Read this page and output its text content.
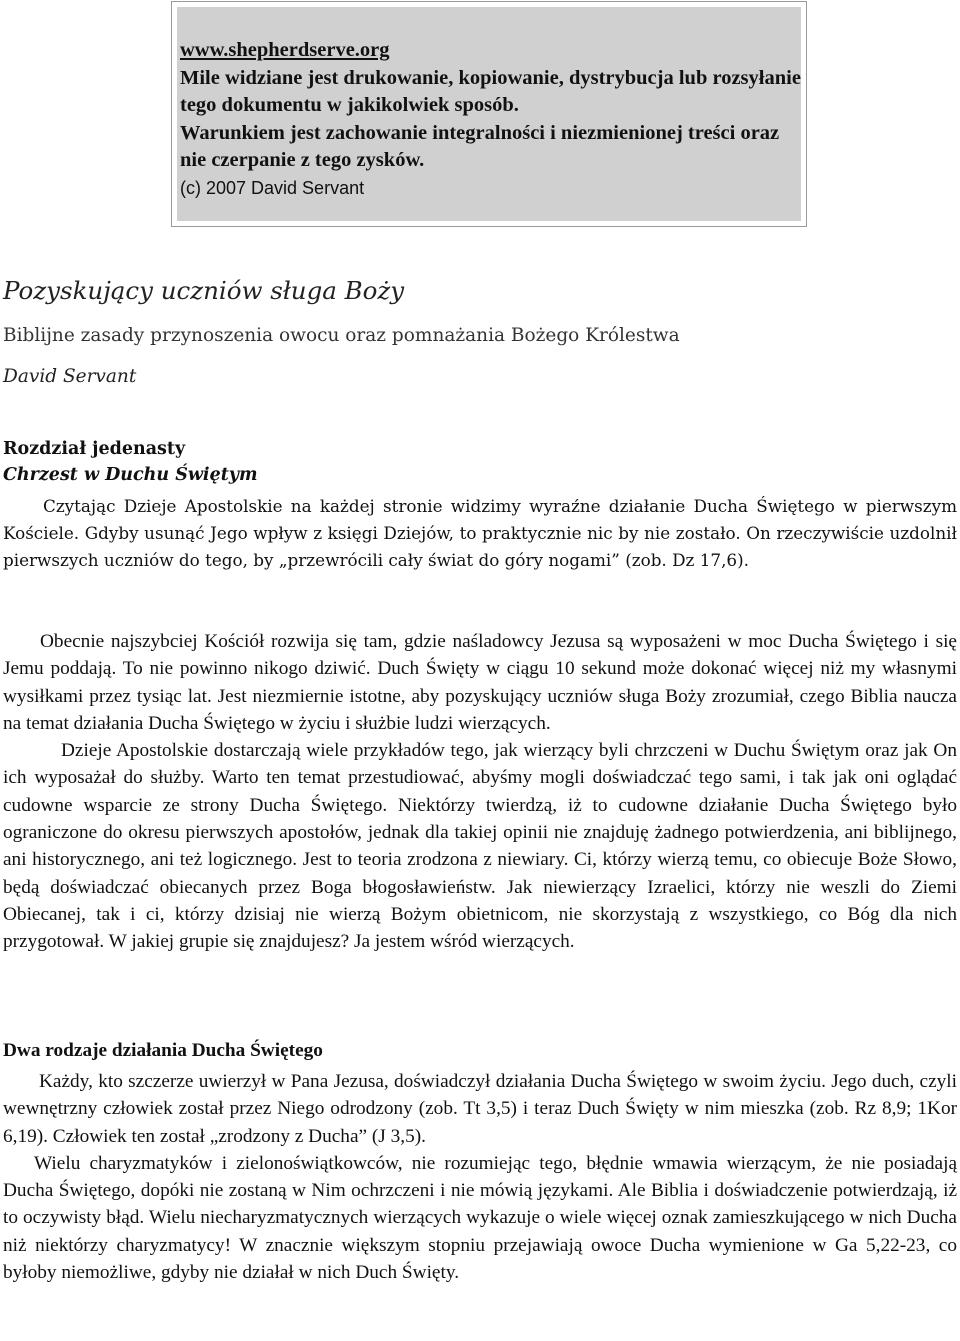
www.shepherdserve.org
Mile widziane jest drukowanie, kopiowanie, dystrybucja lub rozsyłanie tego dokumentu w jakikolwiek sposób.
Warunkiem jest zachowanie integralności i niezmienionej treści oraz nie czerpanie z tego zysków.
(c) 2007 David Servant
Pozyskujący uczniów sługa Boży

Biblijne zasady przynoszenia owocu oraz pomnażania Bożego Królestwa

David Servant

Rozdział jedenasty
Chrzest w Duchu Świętym

Czytając Dzieje Apostolskie na każdej stronie widzimy wyraźne działanie Ducha Świętego w pierwszym Kościele. Gdyby usunąć Jego wpływ z księgi Dziejów, to praktycznie nic by nie zostało. On rzeczywiście uzdolnił pierwszych uczniów do tego, by „przewrócili cały świat do góry nogami” (zob. Dz 17,6).

Obecnie najszybciej Kościół rozwija się tam, gdzie naśladowcy Jezusa są wyposażeni w moc Ducha Świętego i się Jemu poddają. To nie powinno nikogo dziwić. Duch Święty w ciągu 10 sekund może dokonać więcej niż my własnymi wysiłkami przez tysiąc lat. Jest niezmiernie istotne, aby pozyskujący uczniów sługa Boży zrozumiał, czego Biblia naucza na temat działania Ducha Świętego w życiu i służbie ludzi wierzących.

Dzieje Apostolskie dostarczają wiele przykładów tego, jak wierzący byli chrzczeni w Duchu Świętym oraz jak On ich wyposażał do służby. Warto ten temat przestudiować, abyśmy mogli doświadczać tego sami, i tak jak oni oglądać cudowne wsparcie ze strony Ducha Świętego. Niektórzy twierdzą, iż to cudowne działanie Ducha Świętego było ograniczone do okresu pierwszych apostołów, jednak dla takiej opinii nie znajduję żadnego potwierdzenia, ani biblijnego, ani historycznego, ani też logicznego. Jest to teoria zrodzona z niewiary. Ci, którzy wierzą temu, co obiecuje Boże Słowo, będą doświadczać obiecanych przez Boga błogosławieństw. Jak niewierzący Izraelici, którzy nie weszli do Ziemi Obiecanej, tak i ci, którzy dzisiaj nie wierzą Bożym obietnicom, nie skorzystają z wszystkiego, co Bóg dla nich przygotował. W jakiej grupie się znajdujesz? Ja jestem wśród wierzących.

Dwa rodzaje działania Ducha Świętego

Każdy, kto szczerze uwierzył w Pana Jezusa, doświadczył działania Ducha Świętego w swoim życiu. Jego duch, czyli wewnętrzny człowiek został przez Niego odrodzony (zob. Tt 3,5) i teraz Duch Święty w nim mieszka (zob. Rz 8,9; 1Kor 6,19). Człowiek ten został „zrodzony z Ducha” (J 3,5).

Wielu charyzmatyków i zielonoświątkowców, nie rozumiejąc tego, błędnie wmawia wierzącym, że nie posiadają Ducha Świętego, dopóki nie zostaną w Nim ochrzczeni i nie mówią językami. Ale Biblia i doświadczenie potwierdzają, iż to oczywisty błąd. Wielu niecharyzmatycznych wierzących wykazuje o wiele więcej oznak zamieszkującego w nich Ducha niż niektórzy charyzmatycy! W znacznie większym stopniu przejawiają owoce Ducha wymienione w Ga 5,22-23, co byłoby niemożliwe, gdyby nie działał w nich Duch Święty.
